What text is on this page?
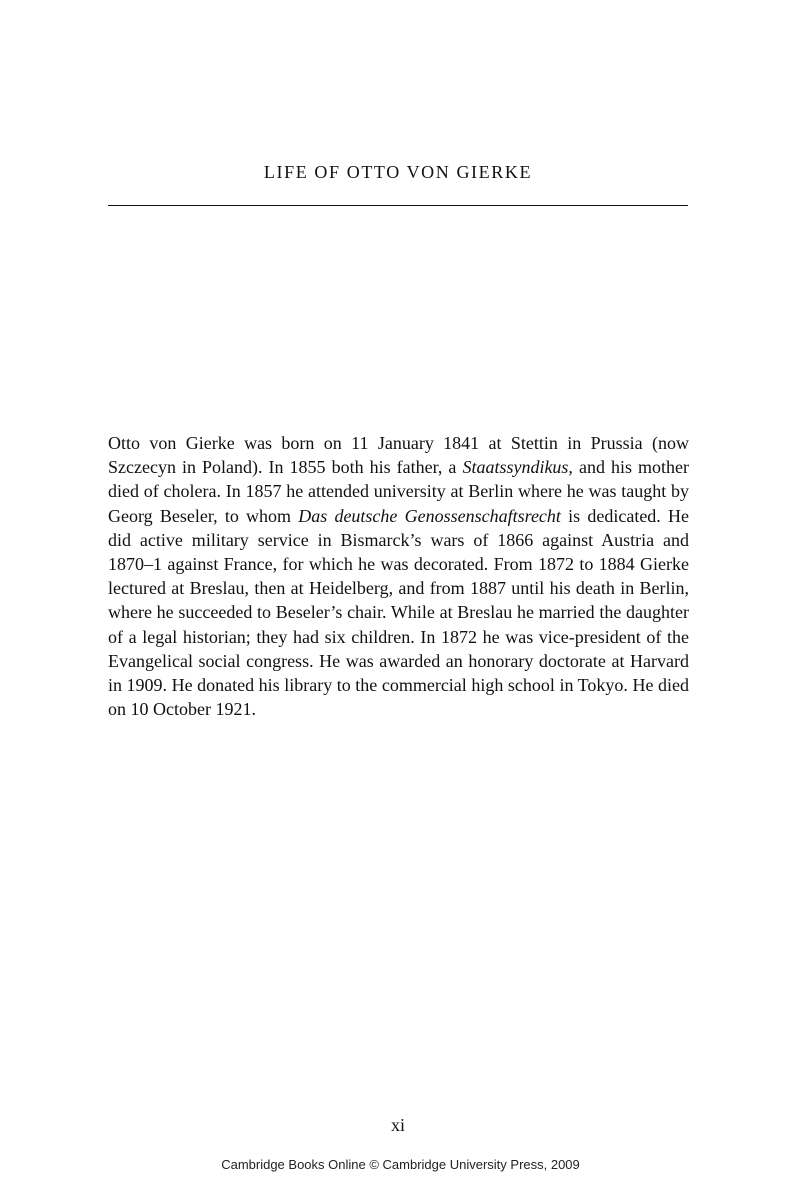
LIFE OF OTTO VON GIERKE

Otto von Gierke was born on 11 January 1841 at Stettin in Prussia (now Szczecyn in Poland). In 1855 both his father, a Staatssyndikus, and his mother died of cholera. In 1857 he attended university at Berlin where he was taught by Georg Beseler, to whom Das deutsche Genossenschaftsrecht is dedicated. He did active military service in Bismarck’s wars of 1866 against Austria and 1870–1 against France, for which he was decorated. From 1872 to 1884 Gierke lectured at Breslau, then at Heidelberg, and from 1887 until his death in Berlin, where he succeeded to Beseler’s chair. While at Breslau he married the daughter of a legal historian; they had six children. In 1872 he was vice-president of the Evangelical social congress. He was awarded an honorary doctorate at Harvard in 1909. He donated his library to the commercial high school in Tokyo. He died on 10 October 1921.

xi
Cambridge Books Online © Cambridge University Press, 2009
